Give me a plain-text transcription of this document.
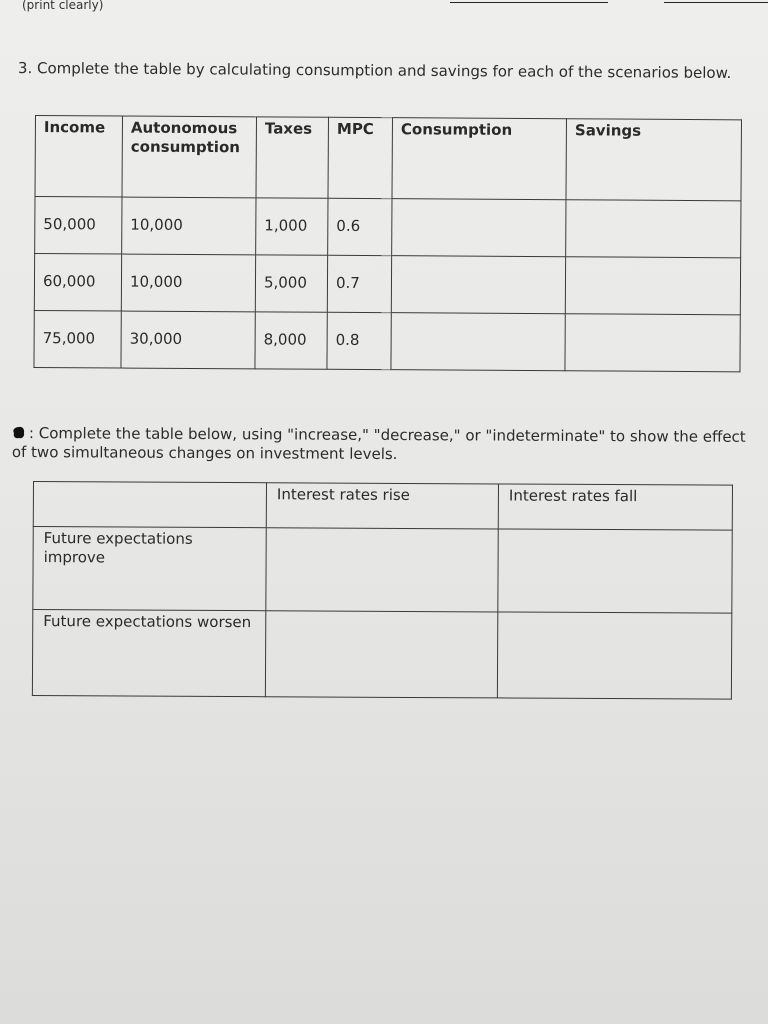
(print clearly)
3. Complete the table by calculating consumption and savings for each of the scenarios below.
Income	Autonomous consumption	Taxes	MPC	Consumption	Savings
50,000	10,000	1,000	0.6		
60,000	10,000	5,000	0.7		
75,000	30,000	8,000	0.8		
: Complete the table below, using "increase," "decrease," or "indeterminate" to show the effect of two simultaneous changes on investment levels.
	Interest rates rise	Interest rates fall
Future expectations improve		
Future expectations worsen		
